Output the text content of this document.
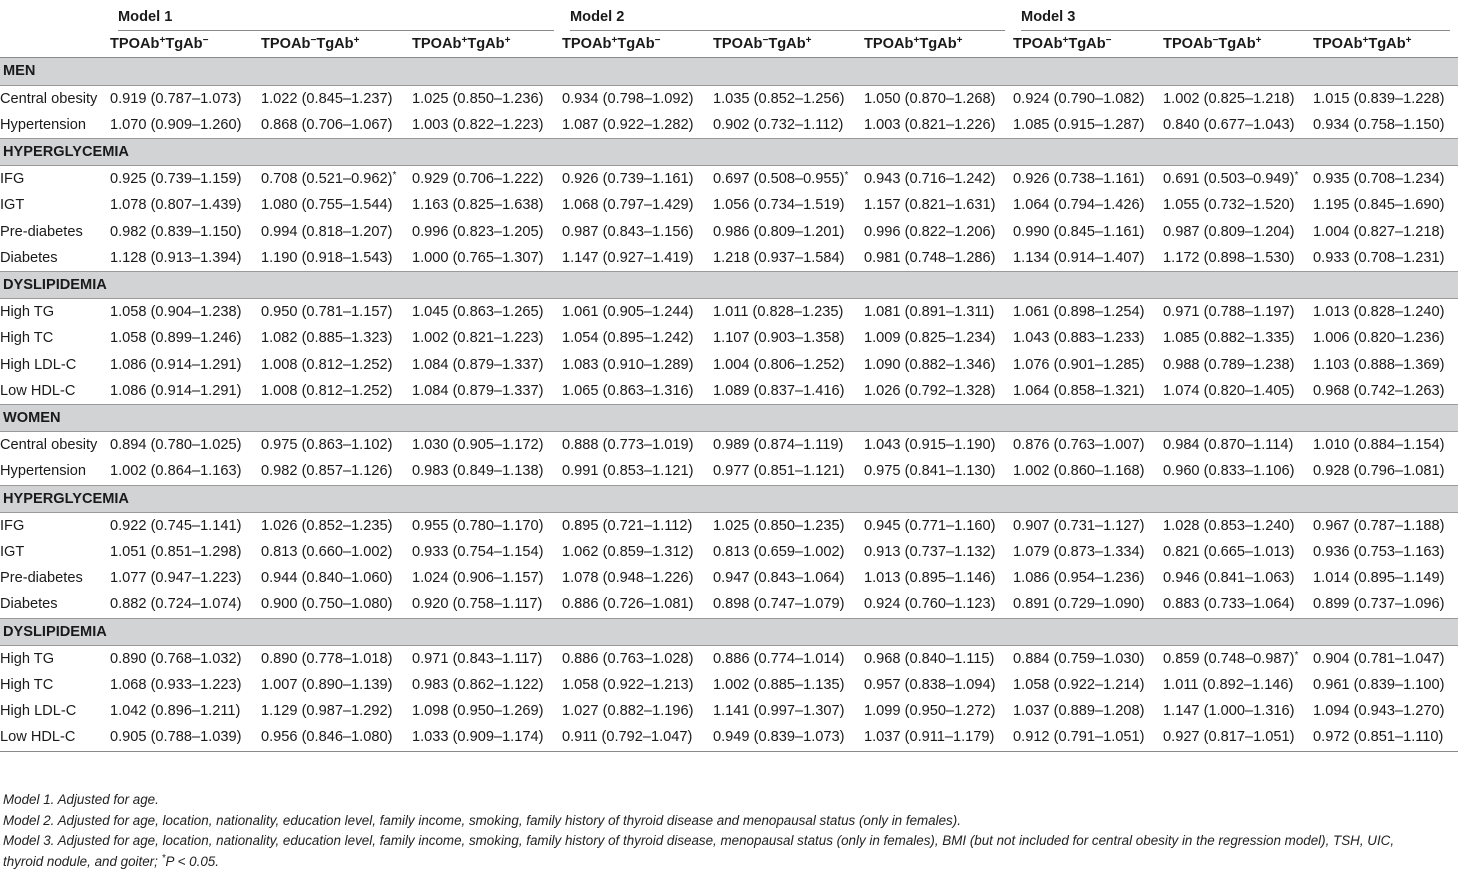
	Model 1			Model 2			Model 3		

	TPOAb+TgAb−	TPOAb−TgAb+	TPOAb+TgAb+	TPOAb+TgAb−	TPOAb−TgAb+	TPOAb+TgAb+	TPOAb+TgAb−	TPOAb−TgAb+	TPOAb+TgAb+
MEN									
Central obesity	0.919 (0.787–1.073)	1.022 (0.845–1.237)	1.025 (0.850–1.236)	0.934 (0.798–1.092)	1.035 (0.852–1.256)	1.050 (0.870–1.268)	0.924 (0.790–1.082)	1.002 (0.825–1.218)	1.015 (0.839–1.228)
Hypertension	1.070 (0.909–1.260)	0.868 (0.706–1.067)	1.003 (0.822–1.223)	1.087 (0.922–1.282)	0.902 (0.732–1.112)	1.003 (0.821–1.226)	1.085 (0.915–1.287)	0.840 (0.677–1.043)	0.934 (0.758–1.150)
HYPERGLYCEMIA									
IFG	0.925 (0.739–1.159)	0.708 (0.521–0.962)*	0.929 (0.706–1.222)	0.926 (0.739–1.161)	0.697 (0.508–0.955)*	0.943 (0.716–1.242)	0.926 (0.738–1.161)	0.691 (0.503–0.949)*	0.935 (0.708–1.234)
IGT	1.078 (0.807–1.439)	1.080 (0.755–1.544)	1.163 (0.825–1.638)	1.068 (0.797–1.429)	1.056 (0.734–1.519)	1.157 (0.821–1.631)	1.064 (0.794–1.426)	1.055 (0.732–1.520)	1.195 (0.845–1.690)
Pre-diabetes	0.982 (0.839–1.150)	0.994 (0.818–1.207)	0.996 (0.823–1.205)	0.987 (0.843–1.156)	0.986 (0.809–1.201)	0.996 (0.822–1.206)	0.990 (0.845–1.161)	0.987 (0.809–1.204)	1.004 (0.827–1.218)
Diabetes	1.128 (0.913–1.394)	1.190 (0.918–1.543)	1.000 (0.765–1.307)	1.147 (0.927–1.419)	1.218 (0.937–1.584)	0.981 (0.748–1.286)	1.134 (0.914–1.407)	1.172 (0.898–1.530)	0.933 (0.708–1.231)
DYSLIPIDEMIA									
High TG	1.058 (0.904–1.238)	0.950 (0.781–1.157)	1.045 (0.863–1.265)	1.061 (0.905–1.244)	1.011 (0.828–1.235)	1.081 (0.891–1.311)	1.061 (0.898–1.254)	0.971 (0.788–1.197)	1.013 (0.828–1.240)
High TC	1.058 (0.899–1.246)	1.082 (0.885–1.323)	1.002 (0.821–1.223)	1.054 (0.895–1.242)	1.107 (0.903–1.358)	1.009 (0.825–1.234)	1.043 (0.883–1.233)	1.085 (0.882–1.335)	1.006 (0.820–1.236)
High LDL-C	1.086 (0.914–1.291)	1.008 (0.812–1.252)	1.084 (0.879–1.337)	1.083 (0.910–1.289)	1.004 (0.806–1.252)	1.090 (0.882–1.346)	1.076 (0.901–1.285)	0.988 (0.789–1.238)	1.103 (0.888–1.369)
Low HDL-C	1.086 (0.914–1.291)	1.008 (0.812–1.252)	1.084 (0.879–1.337)	1.065 (0.863–1.316)	1.089 (0.837–1.416)	1.026 (0.792–1.328)	1.064 (0.858–1.321)	1.074 (0.820–1.405)	0.968 (0.742–1.263)
WOMEN									
Central obesity	0.894 (0.780–1.025)	0.975 (0.863–1.102)	1.030 (0.905–1.172)	0.888 (0.773–1.019)	0.989 (0.874–1.119)	1.043 (0.915–1.190)	0.876 (0.763–1.007)	0.984 (0.870–1.114)	1.010 (0.884–1.154)
Hypertension	1.002 (0.864–1.163)	0.982 (0.857–1.126)	0.983 (0.849–1.138)	0.991 (0.853–1.121)	0.977 (0.851–1.121)	0.975 (0.841–1.130)	1.002 (0.860–1.168)	0.960 (0.833–1.106)	0.928 (0.796–1.081)
HYPERGLYCEMIA									
IFG	0.922 (0.745–1.141)	1.026 (0.852–1.235)	0.955 (0.780–1.170)	0.895 (0.721–1.112)	1.025 (0.850–1.235)	0.945 (0.771–1.160)	0.907 (0.731–1.127)	1.028 (0.853–1.240)	0.967 (0.787–1.188)
IGT	1.051 (0.851–1.298)	0.813 (0.660–1.002)	0.933 (0.754–1.154)	1.062 (0.859–1.312)	0.813 (0.659–1.002)	0.913 (0.737–1.132)	1.079 (0.873–1.334)	0.821 (0.665–1.013)	0.936 (0.753–1.163)
Pre-diabetes	1.077 (0.947–1.223)	0.944 (0.840–1.060)	1.024 (0.906–1.157)	1.078 (0.948–1.226)	0.947 (0.843–1.064)	1.013 (0.895–1.146)	1.086 (0.954–1.236)	0.946 (0.841–1.063)	1.014 (0.895–1.149)
Diabetes	0.882 (0.724–1.074)	0.900 (0.750–1.080)	0.920 (0.758–1.117)	0.886 (0.726–1.081)	0.898 (0.747–1.079)	0.924 (0.760–1.123)	0.891 (0.729–1.090)	0.883 (0.733–1.064)	0.899 (0.737–1.096)
DYSLIPIDEMIA									
High TG	0.890 (0.768–1.032)	0.890 (0.778–1.018)	0.971 (0.843–1.117)	0.886 (0.763–1.028)	0.886 (0.774–1.014)	0.968 (0.840–1.115)	0.884 (0.759–1.030)	0.859 (0.748–0.987)*	0.904 (0.781–1.047)
High TC	1.068 (0.933–1.223)	1.007 (0.890–1.139)	0.983 (0.862–1.122)	1.058 (0.922–1.213)	1.002 (0.885–1.135)	0.957 (0.838–1.094)	1.058 (0.922–1.214)	1.011 (0.892–1.146)	0.961 (0.839–1.100)
High LDL-C	1.042 (0.896–1.211)	1.129 (0.987–1.292)	1.098 (0.950–1.269)	1.027 (0.882–1.196)	1.141 (0.997–1.307)	1.099 (0.950–1.272)	1.037 (0.889–1.208)	1.147 (1.000–1.316)	1.094 (0.943–1.270)
Low HDL-C	0.905 (0.788–1.039)	0.956 (0.846–1.080)	1.033 (0.909–1.174)	0.911 (0.792–1.047)	0.949 (0.839–1.073)	1.037 (0.911–1.179)	0.912 (0.791–1.051)	0.927 (0.817–1.051)	0.972 (0.851–1.110)

Model 1. Adjusted for age.

Model 2. Adjusted for age, location, nationality, education level, family income, smoking, family history of thyroid disease and menopausal status (only in females).

Model 3. Adjusted for age, location, nationality, education level, family income, smoking, family history of thyroid disease, menopausal status (only in females), BMI (but not included for central obesity in the regression model), TSH, UIC,

thyroid nodule, and goiter; *P < 0.05.
